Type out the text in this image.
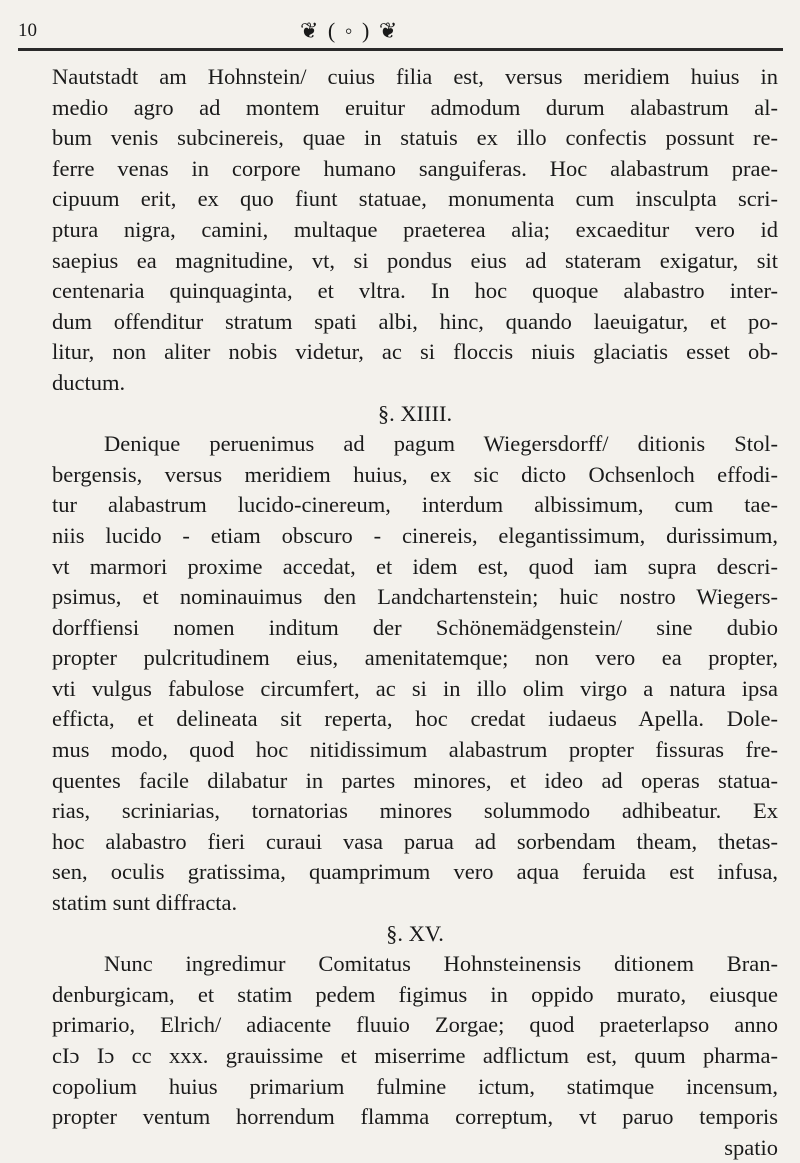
10	❦ ( ◦ ) ❦
Nautstadt am Hohnstein/ cuius filia est, versus meridiem huius in
medio agro ad montem eruitur admodum durum alabastrum al-
bum venis subcinereis, quae in statuis ex illo confectis possunt re-
ferre venas in corpore humano sanguiferas. Hoc alabastrum prae-
cipuum erit, ex quo fiunt statuae, monumenta cum insculpta scri-
ptura nigra, camini, multaque praeterea alia; excaeditur vero id
saepius ea magnitudine, vt, si pondus eius ad stateram exigatur, sit
centenaria quinquaginta, et vltra. In hoc quoque alabastro inter-
dum offenditur stratum spati albi, hinc, quando laeuigatur, et po-
litur, non aliter nobis videtur, ac si floccis niuis glaciatis esset ob-
ductum.
§. XIIII.
Denique peruenimus ad pagum Wiegersdorff/ ditionis Stol-
bergensis, versus meridiem huius, ex sic dicto Ochsenloch effodi-
tur alabastrum lucido-cinereum, interdum albissimum, cum tae-
niis lucido - etiam obscuro - cinereis, elegantissimum, durissimum,
vt marmori proxime accedat, et idem est, quod iam supra descri-
psimus, et nominauimus den Landchartenstein; huic nostro Wiegers-
dorffiensi nomen inditum der Schönemädgenstein/ sine dubio
propter pulcritudinem eius, amenitatemque; non vero ea propter,
vti vulgus fabulose circumfert, ac si in illo olim virgo a natura ipsa
efficta, et delineata sit reperta, hoc credat iudaeus Apella. Dole-
mus modo, quod hoc nitidissimum alabastrum propter fissuras fre-
quentes facile dilabatur in partes minores, et ideo ad operas statua-
rias, scriniarias, tornatorias minores solummodo adhibeatur. Ex
hoc alabastro fieri curaui vasa parua ad sorbendam theam, thetas-
sen, oculis gratissima, quamprimum vero aqua feruida est infusa,
statim sunt diffracta.
§. XV.
Nunc ingredimur Comitatus Hohnsteinensis ditionem Bran-
denburgicam, et statim pedem figimus in oppido murato, eiusque
primario, Elrich/ adiacente fluuio Zorgae; quod praeterlapso anno
cIɔ Iɔ cc xxx. grauissime et miserrime adflictum est, quum pharma-
copolium huius primarium fulmine ictum, statimque incensum,
propter ventum horrendum flamma correptum, vt paruo temporis
spatio
